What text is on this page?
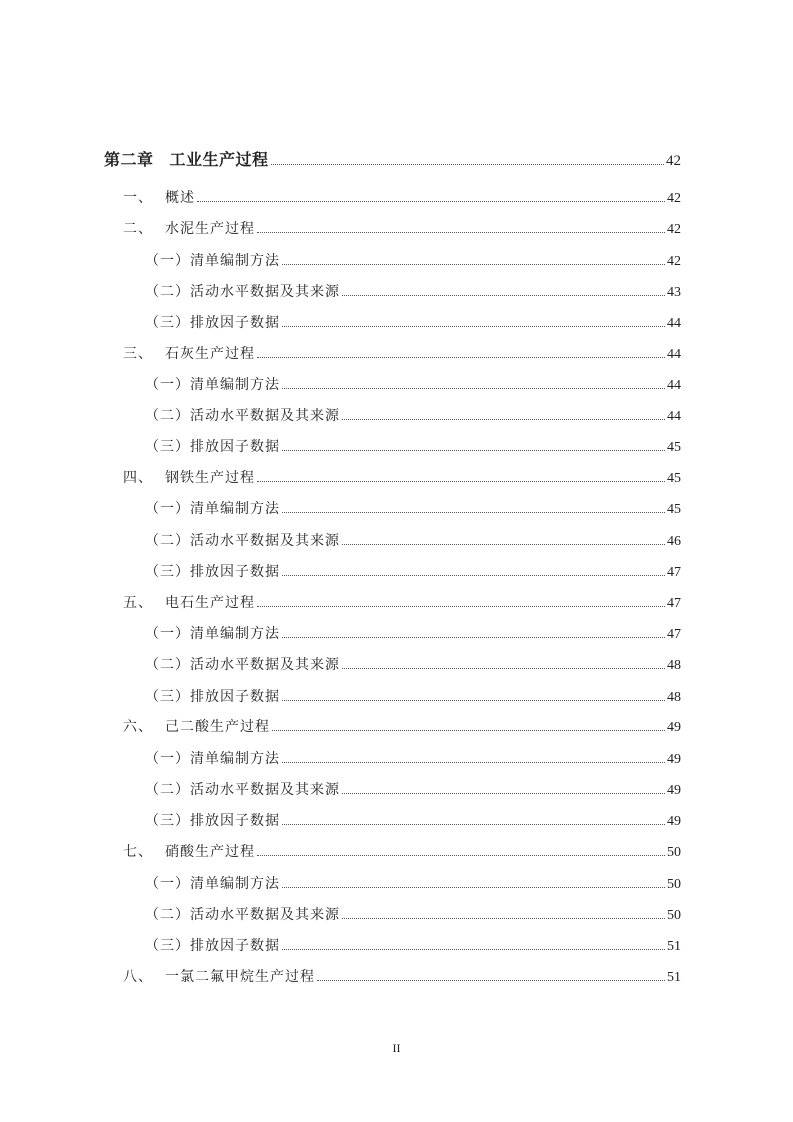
第二章 工业生产过程	42
一、 概述	42
二、 水泥生产过程	42
（一） 清单编制方法	42
（二） 活动水平数据及其来源	43
（三） 排放因子数据	44
三、 石灰生产过程	44
（一） 清单编制方法	44
（二） 活动水平数据及其来源	44
（三） 排放因子数据	45
四、 钢铁生产过程	45
（一） 清单编制方法	45
（二） 活动水平数据及其来源	46
（三） 排放因子数据	47
五、 电石生产过程	47
（一） 清单编制方法	47
（二） 活动水平数据及其来源	48
（三） 排放因子数据	48
六、 己二酸生产过程	49
（一） 清单编制方法	49
（二） 活动水平数据及其来源	49
（三） 排放因子数据	49
七、 硝酸生产过程	50
（一） 清单编制方法	50
（二） 活动水平数据及其来源	50
（三） 排放因子数据	51
八、 一氯二氟甲烷生产过程	51
II
